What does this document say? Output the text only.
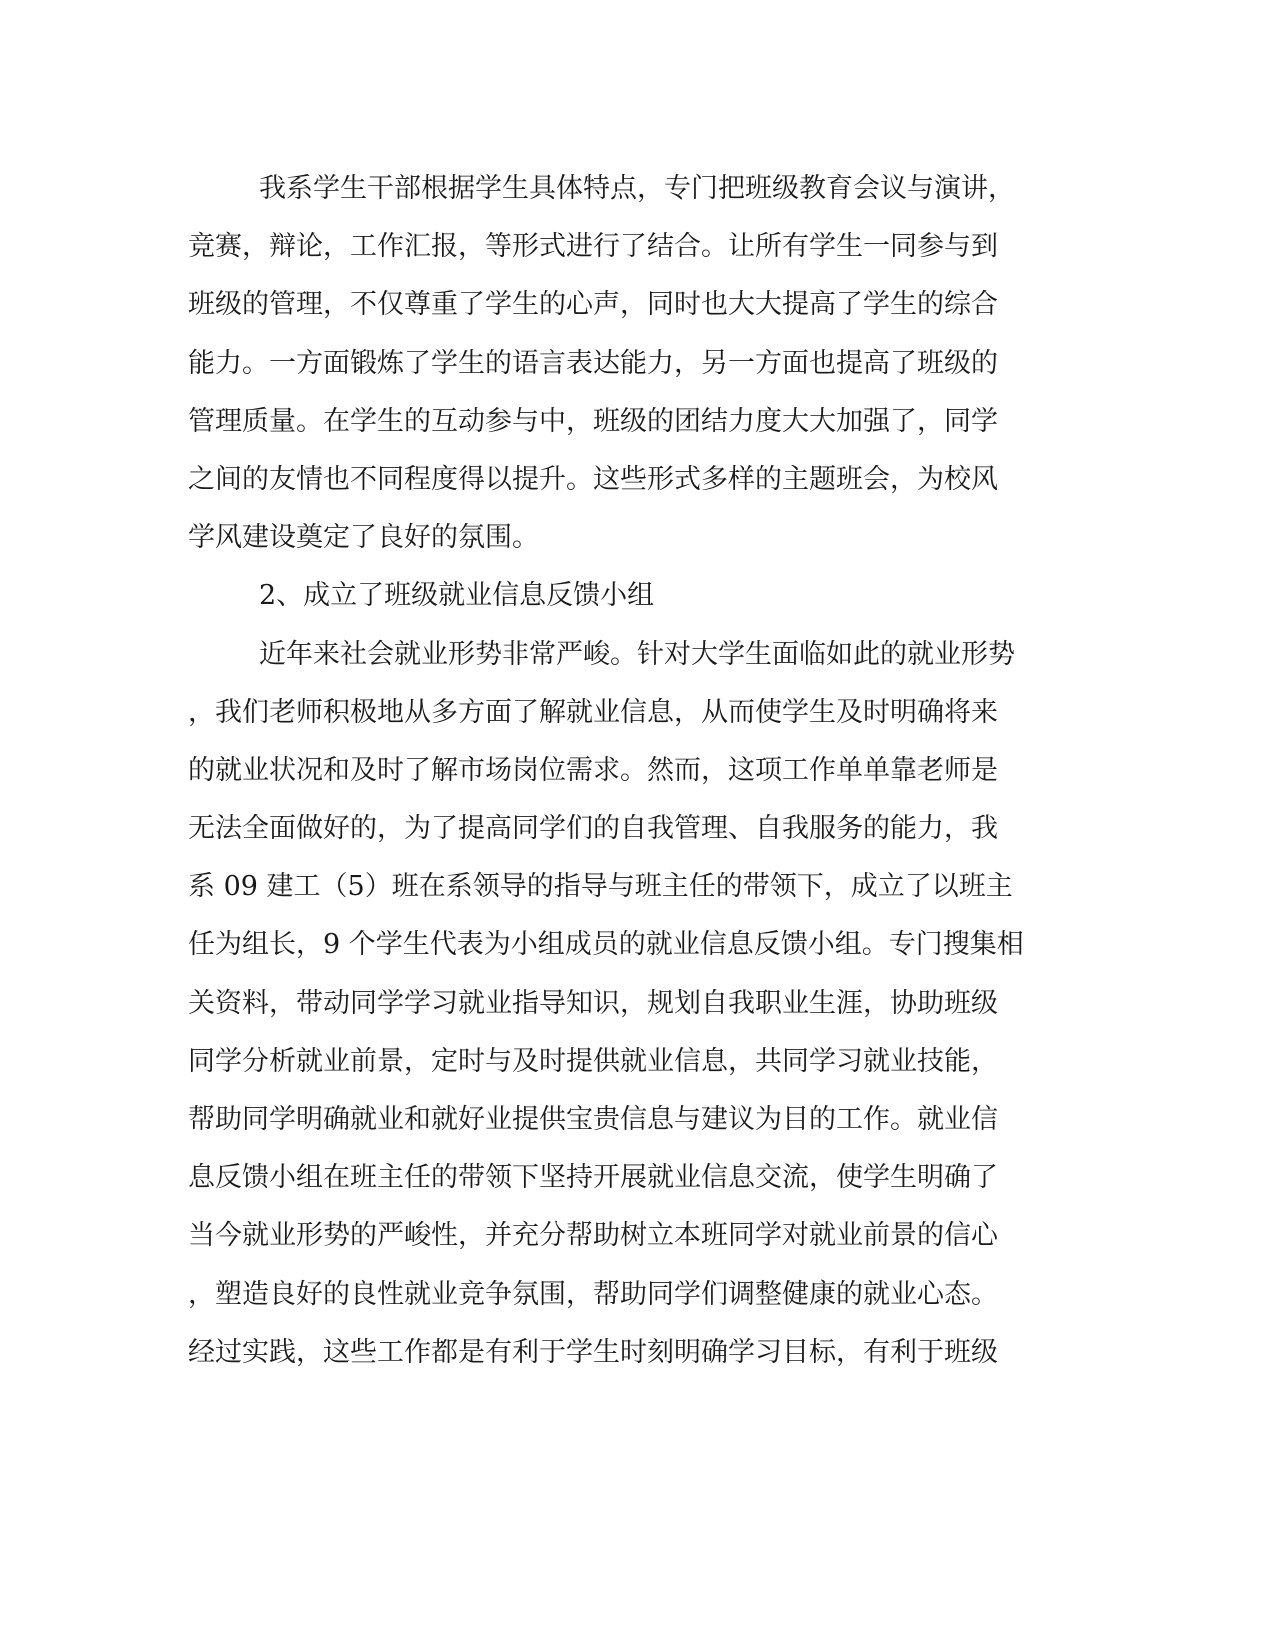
我系学生干部根据学生具体特点，专门把班级教育会议与演讲，
竞赛，辩论，工作汇报，等形式进行了结合。让所有学生一同参与到
班级的管理，不仅尊重了学生的心声，同时也大大提高了学生的综合
能力。一方面锻炼了学生的语言表达能力，另一方面也提高了班级的
管理质量。在学生的互动参与中，班级的团结力度大大加强了，同学
之间的友情也不同程度得以提升。这些形式多样的主题班会，为校风
学风建设奠定了良好的氛围。
2、成立了班级就业信息反馈小组
近年来社会就业形势非常严峻。针对大学生面临如此的就业形势
，我们老师积极地从多方面了解就业信息，从而使学生及时明确将来
的就业状况和及时了解市场岗位需求。然而，这项工作单单靠老师是
无法全面做好的，为了提高同学们的自我管理、自我服务的能力，我
系 09 建工（5）班在系领导的指导与班主任的带领下，成立了以班主
任为组长，9 个学生代表为小组成员的就业信息反馈小组。专门搜集相
关资料，带动同学学习就业指导知识，规划自我职业生涯，协助班级
同学分析就业前景，定时与及时提供就业信息，共同学习就业技能，
帮助同学明确就业和就好业提供宝贵信息与建议为目的工作。就业信
息反馈小组在班主任的带领下坚持开展就业信息交流，使学生明确了
当今就业形势的严峻性，并充分帮助树立本班同学对就业前景的信心
，塑造良好的良性就业竞争氛围，帮助同学们调整健康的就业心态。
经过实践，这些工作都是有利于学生时刻明确学习目标，有利于班级
